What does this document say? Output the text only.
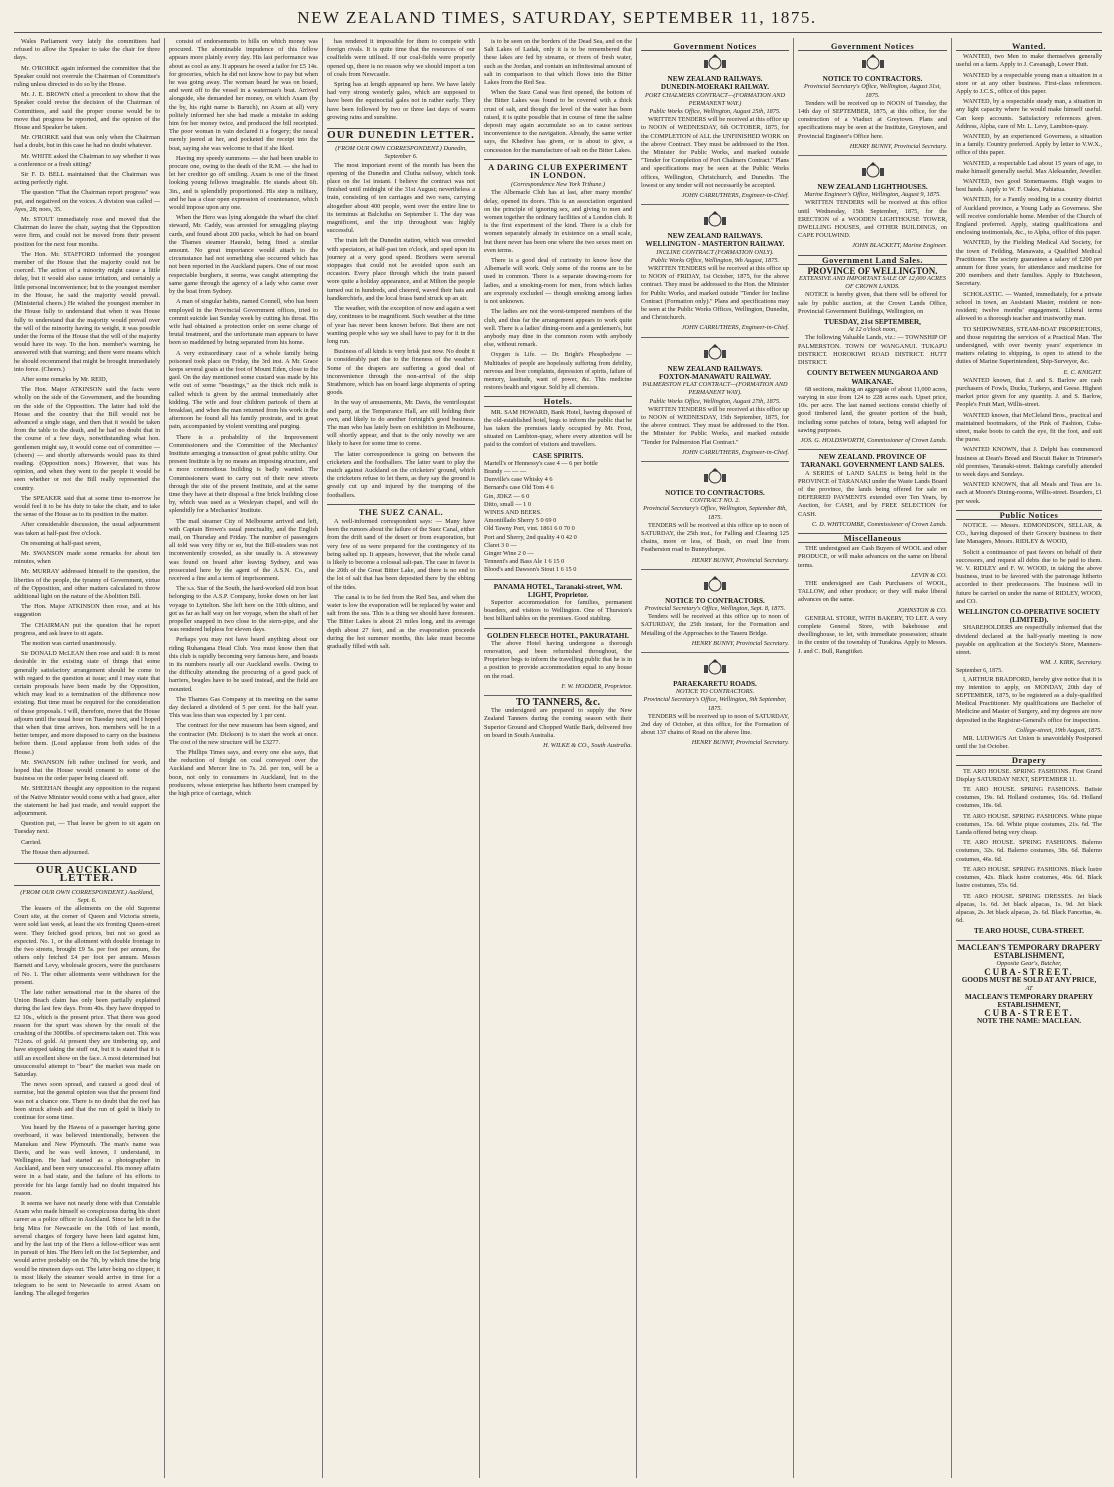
NEW ZEALAND TIMES, SATURDAY, SEPTEMBER 11, 1875.

Wales Parliament very lately the committees had refused to allow the Speaker to take the chair for three days.

Mr. O'RORKE again informed the committee that the Speaker could not overrule the Chairman of Committee's ruling unless directed to do so by the House.

Mr. J. E. BROWN cited a precedent to show that the Speaker could revise the decision of the Chairman of Committees, and said the proper course would be to move that progress be reported, and the opinion of the House and Speaker be taken.

Mr. O'RORKE said that was only when the Chairman had a doubt, but in this case he had no doubt whatever.

Mr. WHITE asked the Chairman to say whether it was a conference or a fresh sitting?

Sir F. D. BELL maintained that the Chairman was acting perfectly right.

The question "That the Chairman report progress" was put, and negatived on the voices. A division was called — Ayes, 28; noes, 35.

Mr. STOUT immediately rose and moved that the Chairman do leave the chair, saying that the Opposition were firm, and could not be moved from their present position for the next four months.

The Hon. Mr. STAFFORD informed the youngest member of the House that the majority could not be coerced. The action of a minority might cause a little delay, but it would also cause irritation, and certainly a little personal inconvenience; but to the youngest member in the House, he said the majority would prevail. (Ministerial cheers.) He wished the youngest member in the House fully to understand that when it was House fully to understand that the majority would prevail over the will of the minority having its weight, it was possible under the forms of the House that the will of the majority would have its way. To the hon. member's warning, he answered with that warning; and there were means which he should recommend that might be brought immediately into force. (Cheers.)

After some remarks by Mr. REID,

The Hon. Major ATKINSON said the facts were wholly on the side of the Government, and the bounding on the side of the Opposition. The latter had told the House and the country that the Bill would not be advanced a single stage, and then that it would be taken from the table to the death, and he had no doubt that in the course of a few days, notwithstanding what hon. gentlemen might say, it would come out of committee — (cheers) — and shortly afterwards would pass its third reading. (Opposition noes.) However, that was his opinion, and when they went to the people it would be seen whether or not the Bill really represented the country.

The SPEAKER said that at some time to-morrow he would feel it to be his duty to take the chair, and to take the sense of the House as to its position in the matter.

After considerable discussion, the usual adjournment was taken at half-past five o'clock.

On resuming at half-past seven,

Mr. SWANSON made some remarks for about ten minutes, when

Mr. MURRAY addressed himself to the question, the liberties of the people, the tyranny of Government, virtue of the Opposition, and other matters calculated to throw additional light on the nature of the Abolition Bill.

The Hon. Major ATKINSON then rose, and at his suggestion

The CHAIRMAN put the question that he report progress, and ask leave to sit again.

The motion was carried unanimously.

Sir DONALD McLEAN then rose and said: It is most desirable in the existing state of things that some generally satisfactory arrangement should be come to with regard to the question at issue; and I may state that certain proposals have been made by the Opposition, which may lead to a termination of the difference now existing. But time must be required for the consideration of those proposals. I will, therefore, move that the House adjourn until the usual hour on Tuesday next, and I hoped that when that time arrives, hon. members will be in a better temper, and more disposed to carry on the business before them. (Loud applause from both sides of the House.)

Mr. SWANSON felt rather inclined for work, and hoped that the House would consent to some of the business on the order paper being cleared off.

Mr. SHEEHAN thought any opposition to the request of the Native Minister would come with a bad grace, after the statement he had just made, and would support the adjournment.

Question put, — That leave be given to sit again on Tuesday next.

Carried.

The House then adjourned.

OUR AUCKLAND LETTER.
(FROM OUR OWN CORRESPONDENT.) Auckland, Sept. 6.

The leasers of the allotments on the old Supreme Court site, at the corner of Queen and Victoria streets, were sold last week, at least the six fronting Queen-street were. They fetched good prices, but not so good as expected. No. 1, or the allotment with double frontage to the two streets, brought £9 5s. per foot per annum, the others only fetched £4 per foot per annum. Messrs Barnett and Levy, wholesale grocers, were the purchasers of No. 1. The other allotments were withdrawn for the present.

The late rather sensational rise in the shares of the Union Beach claim has only been partially explained during the last few days. From 40s. they have dropped to £2 10s., which is the present price. That there was good reason for the spurt was shown by the result of the crushing of the 3000lbs. of specimens taken out. This was 712ozs. of gold. At present they are timbering up, and have stopped taking the stuff out, but it is stated that it is still an excellent show on the face. A most determined but unsuccessful attempt to "bear" the market was made on Saturday.

The news soon spread, and caused a good deal of surmise, but the general opinion was that the present find was not a chance one. There is no doubt that the reef has been struck afresh and that the run of gold is likely to continue for some time.

You heard by the Hawea of a passenger having gone overboard, it was believed intentionally, between the Manukau and New Plymouth. The man's name was Davis, and he was well known, I understand, in Wellington. He had started as a photographer in Auckland, and been very unsuccessful. His money affairs were in a bad state, and the failure of his efforts to provide for his large family had no doubt impaired his reason.

It seems we have not nearly done with that Constable Axam who made himself so conspicuous during his short career as a police officer in Auckland. Since he left in the brig Mira for Newcastle on the 16th of last month, several charges of forgery have been laid against him, and by the last trip of the Hero a fellow-officer was sent in pursuit of him. The Hero left on the 1st September, and would arrive probably on the 7th, by which time the brig would be nineteen days out. The latter being no clipper, it is most likely the steamer would arrive in time for a telegram to be sent to Newcastle to arrest Axam on landing. The alleged forgeries

consist of endorsements to bills on which money was procured. The abominable impudence of this fellow appears more plainly every day. His last performance was about as cool as any. It appears he owed a tailor for £5 14s. for groceries, which he did not know how to pay but when he was going away. The woman heard he was on board, and went off to the vessel in a waterman's boat. Arrived alongside, she demanded her money, on which Axam (by the by, his right name is Baruch), no Axam at all) very politely informed her she had made a mistake in asking him for her money twice, and produced the bill receipted. The poor woman in vain declared it a forgery; the rascal merely jeered at her, and pocketed the receipt into the boat, saying she was welcome to that if she liked.

Having my speedy summons — she had been unable to procure one, owing to the death of the R.M. — she had to let her creditor go off smiling. Axam is one of the finest looking young fellows imaginable. He stands about 6ft. 3in., and is splendidly proportioned. His step is military, and he has a clear open expression of countenance, which would impose upon any one.

When the Hero was lying alongside the wharf the chief steward, Mr. Caddy, was arrested for smuggling playing cards, and found about 200 packs, which he had on board the Thames steamer Hauraki, being fined a similar amount. No great importance would attach to the circumstance had not something else occurred which has not been reported in the Auckland papers. One of our most respectable burghers, it seems, was caught attempting the same game through the agency of a lady who came over by the boat from Sydney.

A man of singular habits, named Connell, who has been employed in the Provincial Government offices, tried to commit suicide last Sunday week by cutting his throat. His wife had obtained a protection order on some charge of brutal treatment, and the unfortunate man appears to have been so maddened by being separated from his home.

A very extraordinary case of a whole family being poisoned took place on Friday, the 3rd inst. A Mr. Grace keeps several goats at the foot of Mount Eden, close to the gaol. On the day mentioned some custard was made by his wife out of some "beastings," as the thick rich milk is called which is given by the animal immediately after kidding. The wife and four children partook of them at breakfast, and when the man returned from his work in the afternoon he found all his family prostrate, and in great pain, accompanied by violent vomiting and purging.

There is a probability of the Improvement Commissioners and the Committee of the Mechanics' Institute arranging a transaction of great public utility. Our present Institute is by no means an imposing structure, and a more commodious building is badly wanted. The Commissioners want to carry out of their new streets through the site of the present Institute, and at the same time they have at their disposal a fine brick building close by, which was used as a Wesleyan chapel, and will do splendidly for a Mechanics' Institute.

The mail steamer City of Melbourne arrived and left, with Captain Brown's usual punctuality, and the English mail, on Thursday and Friday. The number of passengers all told was very fifty or so, but the Bill-stealers was not inconveniently crowded, as she usually is. A stowaway was found on board after leaving Sydney, and was prosecuted here by the agent of the A.S.N. Co., and received a fine and a term of imprisonment.

The s.s. Star of the South, the hard-worked old iron boat belonging to the A.S.P. Company, broke down on her last voyage to Lyttelton. She left here on the 10th ultimo, and got as far as half way on her voyage, when the shaft of her propeller snapped in two close to the stern-pipe, and she was rendered helpless for eleven days.

Perhaps you may not have heard anything about our riding Ruhangana Head Club. You must know then that this club is rapidly becoming very famous here, and boasts in its numbers nearly all our Auckland swells. Owing to the difficulty attending the procuring of a good pack of harriers, beagles have to be used instead, and the field are mounted.

The Thames Gas Company at its meeting on the same day declared a dividend of 5 per cent. for the half year. This was less than was expected by 1 per cent.

The contract for the new museum has been signed, and the contractor (Mr. Dickson) is to start the work at once. The cost of the new structure will be £3277.

The Phillips Times says, and every one else says, that the reduction of freight on coal conveyed over the Auckland and Mercer line to 7s. 2d. per ton, will be a boon, not only to consumers in Auckland, but to the producers, whose enterprise has hitherto been cramped by the high price of carriage, which

has rendered it impossible for them to compete with foreign rivals. It is quite time that the resources of our coalfields were utilised. If our coal-fields were properly opened up, there is no reason why we should import a ton of coals from Newcastle.

Spring has at length appeared up here. We have lately had very strong westerly gales, which are supposed to have been the equinoctial gales not in rather early. They have been followed by two or three last days of warm growing rains and sunshine.

OUR DUNEDIN LETTER.
(FROM OUR OWN CORRESPONDENT.) Dunedin, September 6.

The most important event of the month has been the opening of the Dunedin and Clutha railway, which took place on the 1st instant. I believe the contract was not finished until midnight of the 31st August; nevertheless a train, consisting of ten carriages and two vans, carrying altogether about 400 people, went over the entire line to its terminus at Balclutha on September 1. The day was magnificent, and the trip throughout was highly successful.

The train left the Dunedin station, which was crowded with spectators, at half-past ten o'clock, and sped upon its journey at a very good speed. Brothers were several stoppages that could not be avoided upon such an occasion. Every place through which the train passed wore quite a holiday appearance, and at Milton the people turned out in hundreds, and cheered, waved their hats and handkerchiefs, and the local brass band struck up an air.

The weather, with the exception of now and again a wet day, continues to be magnificent. Such weather at the time of year has never been known before. But there are not wanting people who say we shall have to pay for it in the long run.

Business of all kinds is very brisk just now. No doubt it is considerably part due to the fineness of the weather. Some of the drapers are suffering a good deal of inconvenience through the non-arrival of the ship Strathmore, which has on board large shipments of spring goods.

In the way of amusements, Mr. Davis, the ventriloquist and party, at the Temperance Hall, are still holding their own, and likely to do another fortnight's good business. The man who has lately been on exhibition in Melbourne, will shortly appear, and that is the only novelty we are likely to have for some time to come.

The latter correspondence is going on between the cricketers and the footballers. The latter want to play the match against Auckland on the cricketers' ground, which the cricketers refuse to let them, as they say the ground is greatly cut up and injured by the tramping of the footballers.

THE SUEZ CANAL.

A well-informed correspondent says: — Many have been the rumors about the failure of the Suez Canal, either from the drift sand of the desert or from evaporation, but very few of us were prepared for the contingency of its being salted up. It appears, however, that the whole canal is likely to become a colossal salt-pan. The case in favor is the 20th of the Great Bitter Lake, and there is no end to the lot of salt that has been deposited there by the ebbing of the tides.

The canal is to be fed from the Red Sea, and when the water is low the evaporation will be replaced by water and salt from the sea. This is a thing we should have foreseen. The Bitter Lakes is about 21 miles long, and its average depth about 27 feet, and as the evaporation proceeds during the hot summer months, this lake must become gradually filled with salt.

is to be seen on the borders of the Dead Sea, and on the Salt Lakes of Ladak, only it is to be remembered that these lakes are fed by streams, or rivers of fresh water, such as the Jordan, and contain an infinitesimal amount of salt in comparison to that which flows into the Bitter Lakes from the Red Sea.

When the Suez Canal was first opened, the bottom of the Bitter Lakes was found to be covered with a thick crust of salt, and though the level of the water has been raised, it is quite possible that in course of time the saline deposit may again accumulate so as to cause serious inconvenience to the navigation. Already, the same writer says, the Khedive has given, or is about to give, a concession for the manufacture of salt on the Bitter Lakes.

A DARING CLUB EXPERIMENT IN LONDON.
(Correspondence New York Tribune.)

The Albemarle Club has at last, after many months' delay, opened its doors. This is an association organised on the principle of ignoring sex, and giving to men and women together the ordinary facilities of a London club. It is the first experiment of the kind. There is a club for women separately already in existence on a small scale, but there never has been one where the two sexes meet on even terms.

There is a good deal of curiosity to know how the Albemarle will work. Only some of the rooms are to be used in common. There is a separate drawing-room for ladies, and a smoking-room for men, from which ladies are expressly excluded — though smoking among ladies is not unknown.

The ladies are not the worst-tempered members of the club, and thus far the arrangement appears to work quite well. There is a ladies' dining-room and a gentlemen's, but anybody may dine in the common room with anybody else, without remark.

Oxygen is Life. — Dr. Bright's Phosphodyne — Multitudes of people are hopelessly suffering from debility, nervous and liver complaints, depression of spirits, failure of memory, lassitude, want of power, &c. This medicine restores health and vigour. Sold by all chemists.

Hotels.

MR. SAM HOWARD, Bank Hotel, having disposed of the old-established hotel, begs to inform the public that he has taken the premises lately occupied by Mr. Frost, situated on Lambton-quay, where every attention will be paid to the comfort of visitors and travellers.

CASE SPIRITS.
Martell's or Hennessy's case 4 — 6 per bottle
Brandy — — —
Dunville's case Whisky 4 6
Bernard's case Old Tom 4 6
Gin, JDKZ — 6 0
Ditto, small — 1 0
WINES AND BEERS.
Amontillado Sherry 5 0 69 0
Old Tawny Port, vint. 1861 6 0 70 0
Port and Sherry, 2nd quality 4 0 42 0
Claret 3 0 —
Ginger Wine 2 0 —
Tennent's and Bass Ale 1 6 15 0
Blood's and Dawson's Stout 1 6 15 0
PANAMA HOTEL, Taranaki-street, WM. LIGHT, Proprietor.

Superior accommodation for families, permanent boarders, and visitors to Wellington. One of Thurston's best billiard tables on the premises. Good stabling.

GOLDEN FLEECE HOTEL, PAKURATAHI.

The above Hotel having undergone a thorough renovation, and been refurnished throughout, the Proprietor begs to inform the travelling public that he is in a position to provide accommodation equal to any house on the road.

F. W. HODDER, Proprietor.
TO TANNERS, &c.

The undersigned are prepared to supply the New Zealand Tanners during the coming season with their Superior Ground and Chopped Wattle Bark, delivered free on board in South Australia.

H. WILKE & CO., South Australia.
Government Notices
NEW ZEALAND RAILWAYS.
DUNEDIN-MOERAKI RAILWAY.
PORT CHALMERS CONTRACT—(FORMATION AND PERMANENT WAY.)
Public Works Office, Wellington, August 25th, 1875.

WRITTEN TENDERS will be received at this office up to NOON of WEDNESDAY, 6th OCTOBER, 1875, for the COMPLETION of ALL the UNFINISHED WORK on the above Contract. They must be addressed to the Hon. the Minister for Public Works, and marked outside "Tender for Completion of Port Chalmers Contract." Plans and specifications may be seen at the Public Works offices, Wellington, Christchurch, and Dunedin. The lowest or any tender will not necessarily be accepted.

JOHN CARRUTHERS, Engineer-in-Chief.
NEW ZEALAND RAILWAYS.
WELLINGTON - MASTERTON RAILWAY.
INCLINE CONTRACT (FORMATION ONLY).
Public Works Office, Wellington, 9th August, 1875.

WRITTEN TENDERS will be received at this office up to NOON of FRIDAY, 1st October, 1875, for the above contract. They must be addressed to the Hon. the Minister for Public Works, and marked outside "Tender for Incline Contract (Formation only)." Plans and specifications may be seen at the Public Works Offices, Wellington, Dunedin, and Christchurch.

JOHN CARRUTHERS, Engineer-in-Chief.
NEW ZEALAND RAILWAYS.
FOXTON-MANAWATU RAILWAY.
PALMERSTON FLAT CONTRACT—(FORMATION AND PERMANENT WAY).
Public Works Office, Wellington, August 27th, 1875.

WRITTEN TENDERS will be received at this office up to NOON of WEDNESDAY, 15th September, 1875, for the above contract. They must be addressed to the Hon. the Minister for Public Works, and marked outside "Tender for Palmerston Flat Contract."

JOHN CARRUTHERS, Engineer-in-Chief.
NOTICE TO CONTRACTORS.
CONTRACT NO. 2.
Provincial Secretary's Office, Wellington, September 8th, 1875.

TENDERS will be received at this office up to noon of SATURDAY, the 25th inst., for Falling and Clearing 125 chains, more or less, of Bush, on road line from Featherston road to Bunnythorpe.

HENRY BUNNY, Provincial Secretary.
NOTICE TO CONTRACTORS.
Provincial Secretary's Office, Wellington, Sept. 8, 1875.

Tenders will be received at this office up to noon of SATURDAY, the 25th instant, for the Formation and Metalling of the Approaches to the Taueru Bridge.

HENRY BUNNY, Provincial Secretary.
PARAEKARETU ROADS.
NOTICE TO CONTRACTORS.
Provincial Secretary's Office, Wellington, 9th September, 1875.

TENDERS will be received up to noon of SATURDAY, 2nd day of October, at this office, for the Formation of about 137 chains of Road on the above line.

HENRY BUNNY, Provincial Secretary.
Government Notices
NOTICE TO CONTRACTORS.
Provincial Secretary's Office, Wellington, August 31st, 1875.

Tenders will be received up to NOON of Tuesday, the 14th day of SEPTEMBER, 1875, at this office, for the construction of a Viaduct at Greytown. Plans and specifications may be seen at the Institute, Greytown, and Provincial Engineer's Office here.

HENRY BUNNY, Provincial Secretary.
NEW ZEALAND LIGHTHOUSES.
Marine Engineer's Office, Wellington, August 9, 1875.

WRITTEN TENDERS will be received at this office until Wednesday, 15th September, 1875, for the ERECTION of a WOODEN LIGHTHOUSE TOWER, DWELLING HOUSES, and OTHER BUILDINGS, on CAPE FOULWIND.

JOHN BLACKETT, Marine Engineer.
Government Land Sales.
PROVINCE OF WELLINGTON.
EXTENSIVE AND IMPORTANT SALE OF 12,000 ACRES OF CROWN LANDS.

NOTICE is hereby given, that there will be offered for sale by public auction, at the Crown Lands Office, Provincial Government Buildings, Wellington, on

TUESDAY, 21st SEPTEMBER,
At 12 o'clock noon,

The following Valuable Lands, viz.: — TOWNSHIP OF PALMERSTON. TOWN OF WANGANUI. TUKAPU DISTRICT. HOROKIWI ROAD DISTRICT. HUTT DISTRICT.

COUNTY BETWEEN MUNGAROA AND WAIKANAE.

68 sections, making an aggregate of about 11,000 acres, varying in size from 124 to 228 acres each. Upset price, 10s. per acre. The last named sections consist chiefly of good timbered land, the greater portion of the bush, including some patches of totara, being well adapted for sawing purposes.

JOS. G. HOLDSWORTH, Commissioner of Crown Lands.
NEW ZEALAND. PROVINCE OF TARANAKI. GOVERNMENT LAND SALES.

A SERIES of LAND SALES is being held in the PROVINCE of TARANAKI under the Waste Lands Board of the province, the lands being offered for sale on DEFERRED PAYMENTS extended over Ten Years, by Auction, for CASH, and by FREE SELECTION for CASH.

C. D. WHITCOMBE, Commissioner of Crown Lands.
Miscellaneous

THE undersigned are Cash Buyers of WOOL and other PRODUCE, or will make advances on the same on liberal terms.

LEVIN & CO.

THE undersigned are Cash Purchasers of WOOL, TALLOW, and other produce; or they will make liberal advances on the same.

JOHNSTON & CO.

GENERAL STORE, WITH BAKERY, TO LET. A very complete General Store, with bakehouse and dwellinghouse, to let, with immediate possession; situate in the centre of the township of Turakina. Apply to Messrs. J. and C. Bull, Rangitikei.

Wanted.

WANTED, two Men to make themselves generally useful on a farm. Apply to J. Cavanagh, Lower Hutt.

WANTED by a respectable young man a situation in a store or at any other business. First-class references. Apply to J.C.S., office of this paper.

WANTED, by a respectable steady man, a situation in any light capacity where he would make himself useful. Can keep accounts. Satisfactory references given. Address, Alpha, care of Mr. L. Levy, Lambton-quay.

WANTED, by an experienced Governess, a situation in a family. Country preferred. Apply by letter to V.W.X., office of this paper.

WANTED, a respectable Lad about 15 years of age, to make himself generally useful. Max Aleksander, Jeweller.

WANTED, two good Stonemasons. High wages to best hands. Apply to W. F. Oakes, Pahiatua.

WANTED, for a Family residing in a country district of Auckland province, a Young Lady as Governess. She will receive comfortable home. Member of the Church of England preferred. Apply, stating qualifications and enclosing testimonials, &c., to Alpha, office of this paper.

WANTED, by the Fielding Medical Aid Society, for the town of Feilding, Manawatu, a Qualified Medical Practitioner. The society guarantees a salary of £200 per annum for three years, for attendance and medicine for 200 members and their families. Apply to Hutcheson, Secretary.

SCHOLASTIC. — Wanted, immediately, for a private school in town, an Assistant Master, resident or non-resident; twelve months' engagement. Liberal terms allowed to a thorough teacher and trustworthy man.

TO SHIPOWNERS, STEAM-BOAT PROPRIETORS, and those requiring the services of a Practical Man. The undersigned, with over twenty years' experience in matters relating to shipping, is open to attend to the duties of Marine Superintendent, Ship-Surveyor, &c.

E. C. KNIGHT.

WANTED known, that J. and S. Barlow are cash purchasers of Fowls, Ducks, Turkeys, and Geese. Highest market price given for any quantity. J. and S. Barlow, People's Fruit Mart, Willis-street.

WANTED known, that McCleland Bros., practical and maintained bootmakers, of the Pink of Fashion, Cuba-street, make boots to catch the eye, fit the foot, and suit the purse.

WANTED KNOWN, that J. Delphi has commenced business at Dean's Bread and Biscuit Baker in Trimmer's old premises, Taranaki-street. Bakings carefully attended to week days and Sundays.

WANTED KNOWN, that all Meals and Teas are 1s. each at Moore's Dining-rooms, Willis-street. Boarders, £1 per week.

Public Notices

NOTICE. — Messrs. EDMONDSON, SELLAR, & CO., having disposed of their Grocery business to their late Managers, Messrs. RIDLEY & WOOD,

Solicit a continuance of past favors on behalf of their successors, and request all debts due to be paid to them. W. V. RIDLEY and F. W. WOOD, in taking the above business, trust to be favored with the patronage hitherto accorded to their predecessors. The business will in future be carried on under the name of RIDLEY, WOOD, and CO.

WELLINGTON CO-OPERATIVE SOCIETY (LIMITED).

SHAREHOLDERS are respectfully informed that the dividend declared at the half-yearly meeting is now payable on application at the Society's Store, Manners-street.

WM. J. KIRK, Secretary.
September 6, 1875.

I, ARTHUR BRADFORD, hereby give notice that it is my intention to apply, on MONDAY, 20th day of SEPTEMBER, 1875, to be registered as a duly-qualified Medical Practitioner. My qualifications are Bachelor of Medicine and Master of Surgery, and my degrees are now deposited in the Registrar-General's office for inspection.

College-street, 19th August, 1875.

MR. LUDWIG'S Art Union is unavoidably Postponed until the 1st October.

Drapery

TE ARO HOUSE. SPRING FASHIONS. First Grand Display SATURDAY NEXT, SEPTEMBER 11.

TE ARO HOUSE. SPRING FASHIONS. Batiste costumes, 19s. 6d. Holland costumes, 16s. 6d. Holland costumes, 18s. 6d.

TE ARO HOUSE. SPRING FASHIONS. White pique costumes, 15s. 6d. White pique costumes, 21s. 6d. The Landa offered being very cheap.

TE ARO HOUSE. SPRING FASHIONS. Balerno costumes, 32s. 6d. Balerno costumes, 38s. 6d. Balerno costumes, 46s. 6d.

TE ARO HOUSE. SPRING FASHIONS. Black lustre costumes, 42s. Black lustre costumes, 46s. 6d. Black lustre costumes, 55s. 6d.

TE ARO HOUSE. SPRING DRESSES. Jet black alpacas, 1s. 6d. Jet black alpacas, 1s. 9d. Jet black alpacas, 2s. Jet black alpacas, 2s. 6d. Black Fancettas, 4s. 6d.

TE ARO HOUSE, CUBA-STREET.
MACLEAN'S TEMPORARY DRAPERY ESTABLISHMENT,
Opposite Gear's, Butcher,
CUBA-STREET.
GOODS MUST BE SOLD AT ANY PRICE,
AT
MACLEAN'S TEMPORARY DRAPERY ESTABLISHMENT,
CUBA-STREET.
NOTE THE NAME: MACLEAN.
